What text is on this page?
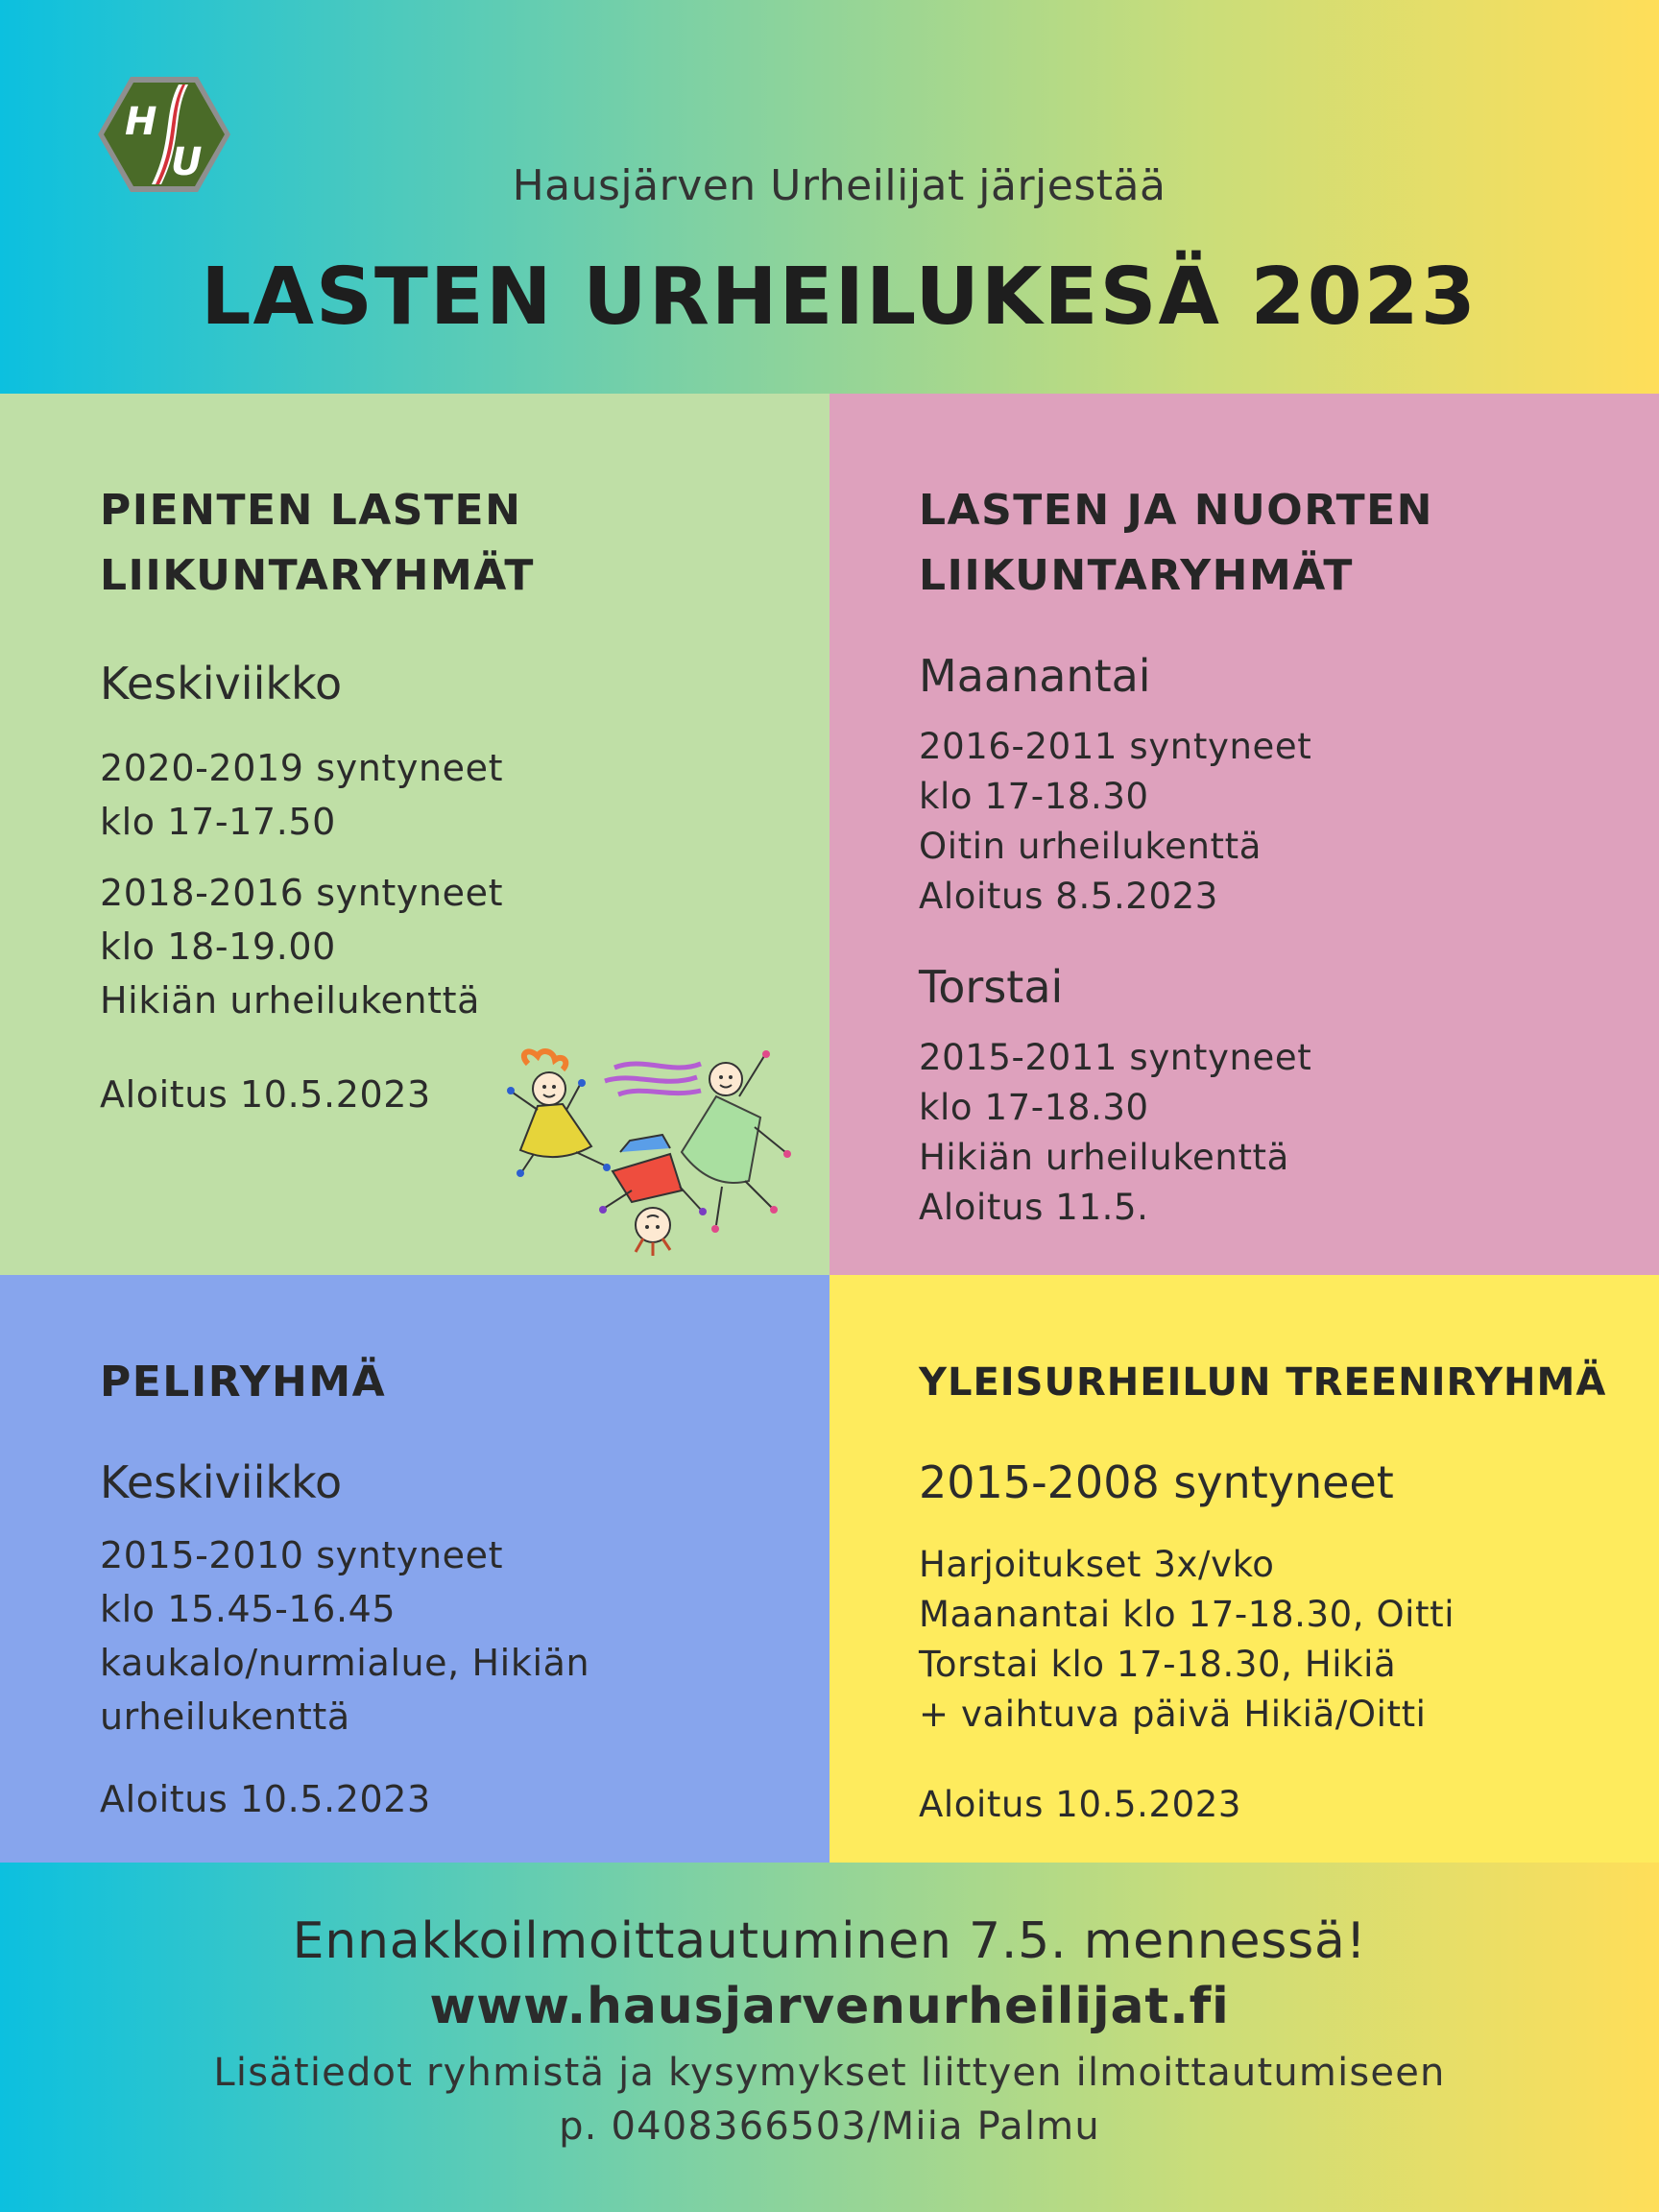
H
U	Hausjärven Urheilijat järjestää
LASTEN URHEILUKESÄ 2023
PIENTEN LASTEN
LIIKUNTARYHMÄT
Keskiviikko
2020-2019 syntyneet
klo 17-17.50
2018-2016 syntyneet
klo 18-19.00
Hikiän urheilukenttä
Aloitus 10.5.2023
LASTEN JA NUORTEN
LIIKUNTARYHMÄT
Maanantai
2016-2011 syntyneet
klo 17-18.30
Oitin urheilukenttä
Aloitus 8.5.2023
Torstai
2015-2011 syntyneet
klo 17-18.30
Hikiän urheilukenttä
Aloitus 11.5.
PELIRYHMÄ
Keskiviikko
2015-2010 syntyneet
klo 15.45-16.45
kaukalo/nurmialue, Hikiän
urheilukenttä
Aloitus 10.5.2023
YLEISURHEILUN TREENIRYHMÄ
2015-2008 syntyneet
Harjoitukset 3x/vko
Maanantai klo 17-18.30, Oitti
Torstai klo 17-18.30, Hikiä
+ vaihtuva päivä Hikiä/Oitti
Aloitus 10.5.2023
Ennakkoilmoittautuminen 7.5. mennessä!
www.hausjarvenurheilijat.fi
Lisätiedot ryhmistä ja kysymykset liittyen ilmoittautumiseen
p. 0408366503/Miia Palmu
